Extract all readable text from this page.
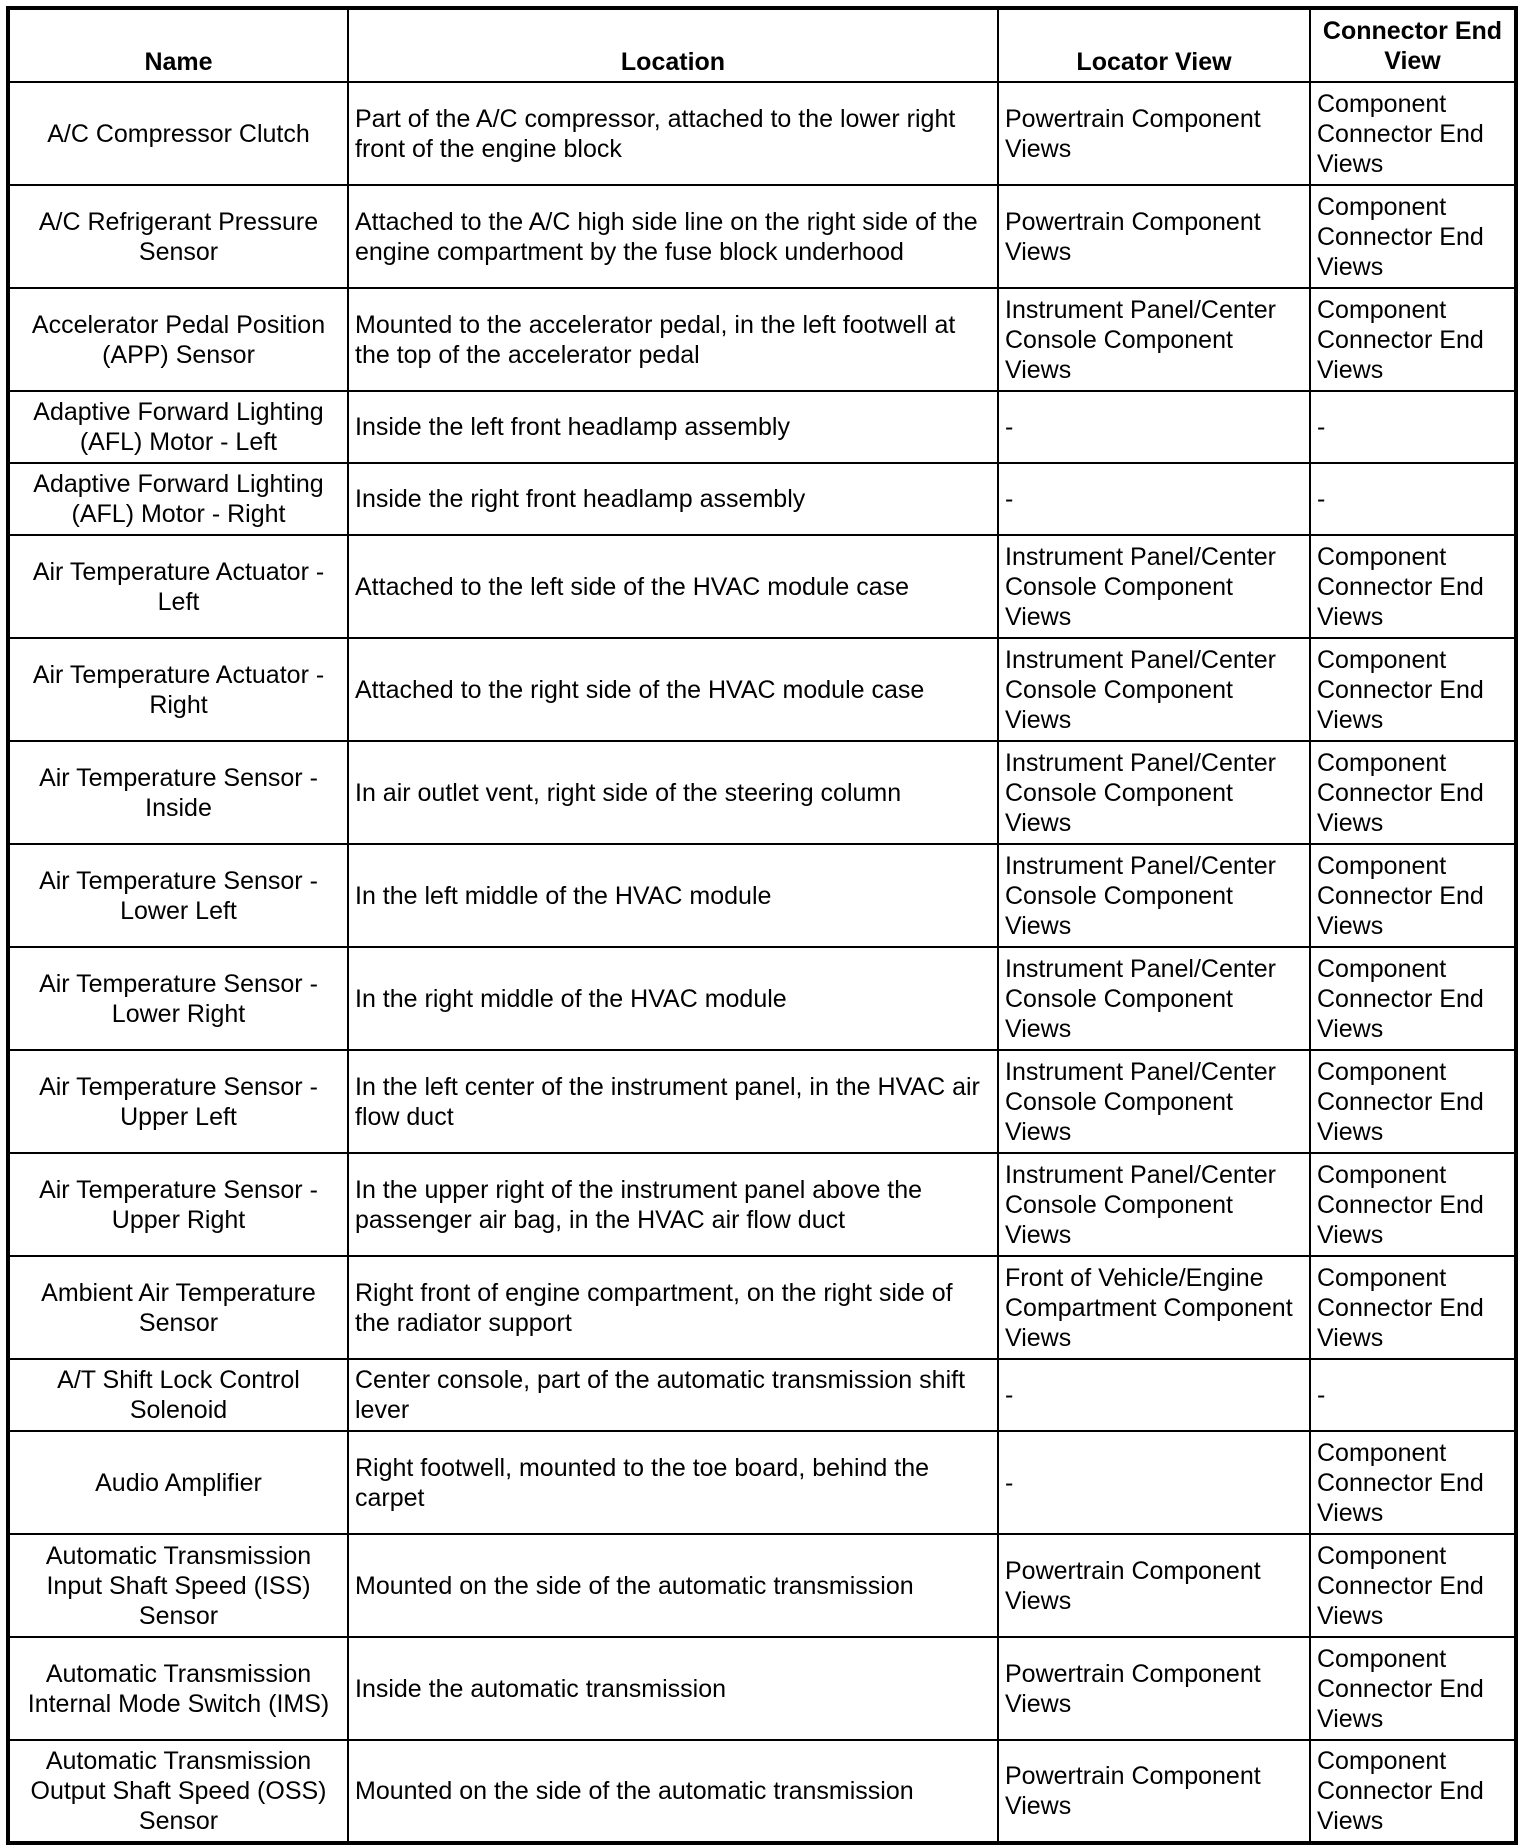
Name	Location	Locator View	Connector End View
A/C Compressor Clutch	Part of the A/C compressor, attached to the lower right front of the engine block	Powertrain Component Views	Component Connector End Views
A/C Refrigerant Pressure Sensor	Attached to the A/C high side line on the right side of the engine compartment by the fuse block underhood	Powertrain Component Views	Component Connector End Views
Accelerator Pedal Position (APP) Sensor	Mounted to the accelerator pedal, in the left footwell at the top of the accelerator pedal	Instrument Panel/Center Console Component Views	Component Connector End Views
Adaptive Forward Lighting (AFL) Motor - Left	Inside the left front headlamp assembly	-	-
Adaptive Forward Lighting (AFL) Motor - Right	Inside the right front headlamp assembly	-	-
Air Temperature Actuator - Left	Attached to the left side of the HVAC module case	Instrument Panel/Center Console Component Views	Component Connector End Views
Air Temperature Actuator - Right	Attached to the right side of the HVAC module case	Instrument Panel/Center Console Component Views	Component Connector End Views
Air Temperature Sensor - Inside	In air outlet vent, right side of the steering column	Instrument Panel/Center Console Component Views	Component Connector End Views
Air Temperature Sensor - Lower Left	In the left middle of the HVAC module	Instrument Panel/Center Console Component Views	Component Connector End Views
Air Temperature Sensor - Lower Right	In the right middle of the HVAC module	Instrument Panel/Center Console Component Views	Component Connector End Views
Air Temperature Sensor - Upper Left	In the left center of the instrument panel, in the HVAC air flow duct	Instrument Panel/Center Console Component Views	Component Connector End Views
Air Temperature Sensor - Upper Right	In the upper right of the instrument panel above the passenger air bag, in the HVAC air flow duct	Instrument Panel/Center Console Component Views	Component Connector End Views
Ambient Air Temperature Sensor	Right front of engine compartment, on the right side of the radiator support	Front of Vehicle/Engine Compartment Component Views	Component Connector End Views
A/T Shift Lock Control Solenoid	Center console, part of the automatic transmission shift lever	-	-
Audio Amplifier	Right footwell, mounted to the toe board, behind the carpet	-	Component Connector End Views
Automatic Transmission Input Shaft Speed (ISS) Sensor	Mounted on the side of the automatic transmission	Powertrain Component Views	Component Connector End Views
Automatic Transmission Internal Mode Switch (IMS)	Inside the automatic transmission	Powertrain Component Views	Component Connector End Views
Automatic Transmission Output Shaft Speed (OSS) Sensor	Mounted on the side of the automatic transmission	Powertrain Component Views	Component Connector End Views
